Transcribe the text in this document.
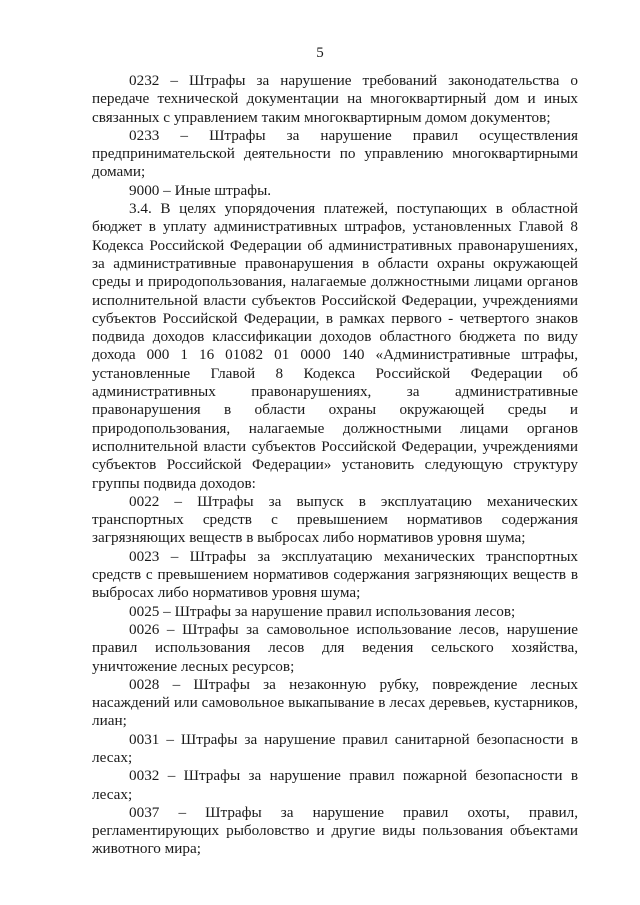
5

0232 – Штрафы за нарушение требований законодательства о передаче технической документации на многоквартирный дом и иных связанных с управлением таким многоквартирным домом документов;

0233 – Штрафы за нарушение правил осуществления предпринимательской деятельности по управлению многоквартирными домами;

9000 – Иные штрафы.

3.4. В целях упорядочения платежей, поступающих в областной бюджет в уплату административных штрафов, установленных Главой 8 Кодекса Российской Федерации об административных правонарушениях, за административные правонарушения в области охраны окружающей среды и природопользования, налагаемые должностными лицами органов исполнительной власти субъектов Российской Федерации, учреждениями субъектов Российской Федерации, в рамках первого - четвертого знаков подвида доходов классификации доходов областного бюджета по виду дохода 000 1 16 01082 01 0000 140 «Административные штрафы, установленные Главой 8 Кодекса Российской Федерации об административных правонарушениях, за административные правонарушения в области охраны окружающей среды и природопользования, налагаемые должностными лицами органов исполнительной власти субъектов Российской Федерации, учреждениями субъектов Российской Федерации» установить следующую структуру группы подвида доходов:

0022 – Штрафы за выпуск в эксплуатацию механических транспортных средств с превышением нормативов содержания загрязняющих веществ в выбросах либо нормативов уровня шума;

0023 – Штрафы за эксплуатацию механических транспортных средств с превышением нормативов содержания загрязняющих веществ в выбросах либо нормативов уровня шума;

0025 – Штрафы за нарушение правил использования лесов;

0026 – Штрафы за самовольное использование лесов, нарушение правил использования лесов для ведения сельского хозяйства, уничтожение лесных ресурсов;

0028 – Штрафы за незаконную рубку, повреждение лесных насаждений или самовольное выкапывание в лесах деревьев, кустарников, лиан;

0031 – Штрафы за нарушение правил санитарной безопасности в лесах;

0032 – Штрафы за нарушение правил пожарной безопасности в лесах;

0037 – Штрафы за нарушение правил охоты, правил, регламентирующих рыболовство и другие виды пользования объектами животного мира;
